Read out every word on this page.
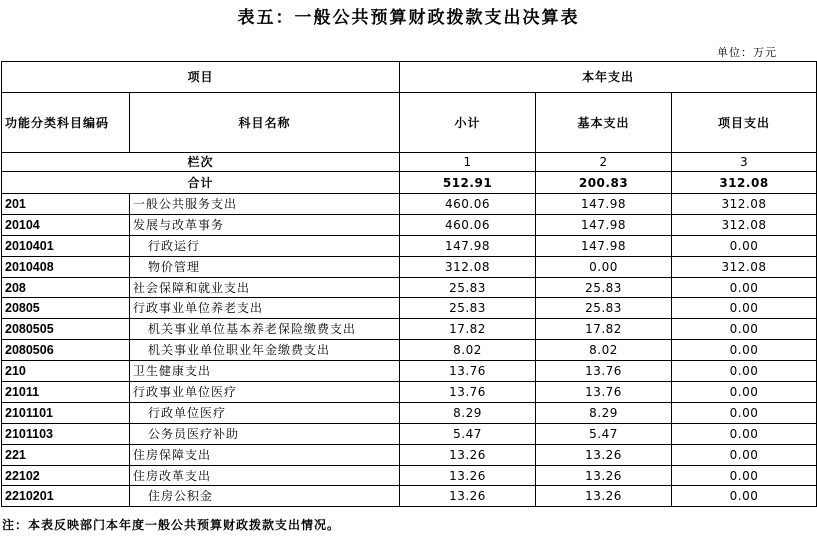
表五：一般公共预算财政拨款支出决算表
单位：万元
项目		本年支出		
功能分类科目编码	科目名称	小计	基本支出	项目支出
栏次		1	2	3
合计		512.91	200.83	312.08
201	一般公共服务支出	460.06	147.98	312.08
20104	发展与改革事务	460.06	147.98	312.08
2010401	行政运行	147.98	147.98	0.00
2010408	物价管理	312.08	0.00	312.08
208	社会保障和就业支出	25.83	25.83	0.00
20805	行政事业单位养老支出	25.83	25.83	0.00
2080505	机关事业单位基本养老保险缴费支出	17.82	17.82	0.00
2080506	机关事业单位职业年金缴费支出	8.02	8.02	0.00
210	卫生健康支出	13.76	13.76	0.00
21011	行政事业单位医疗	13.76	13.76	0.00
2101101	行政单位医疗	8.29	8.29	0.00
2101103	公务员医疗补助	5.47	5.47	0.00
221	住房保障支出	13.26	13.26	0.00
22102	住房改革支出	13.26	13.26	0.00
2210201	住房公积金	13.26	13.26	0.00
注：本表反映部门本年度一般公共预算财政拨款支出情况。
